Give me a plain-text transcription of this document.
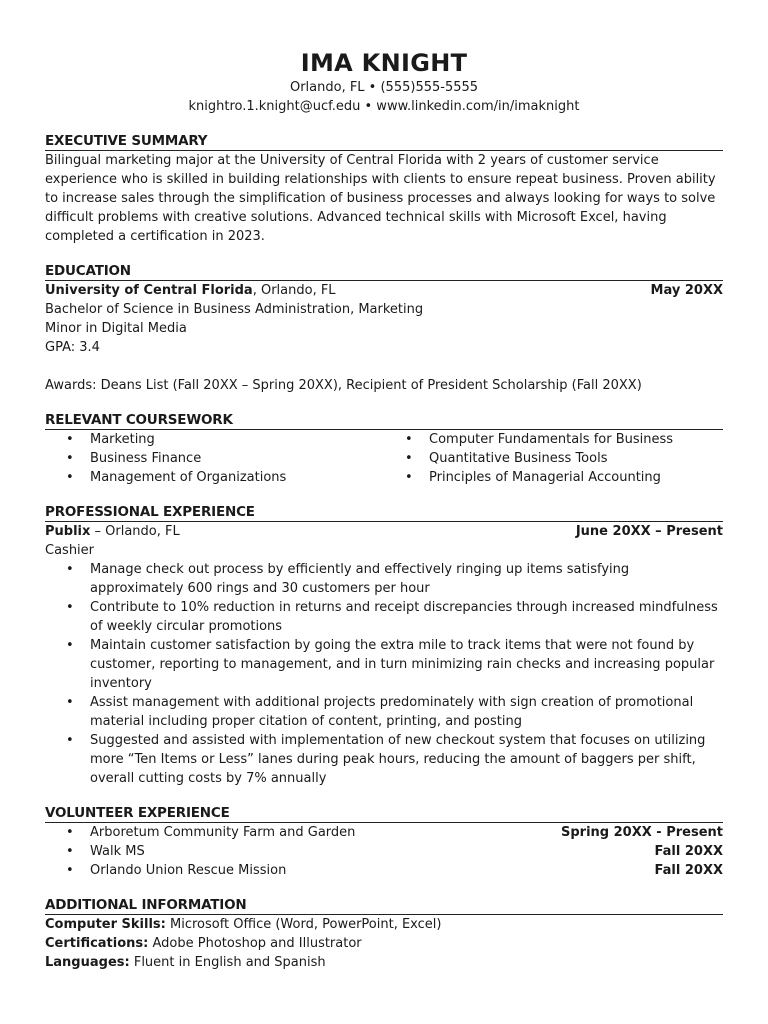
IMA KNIGHT
Orlando, FL • (555)555-5555
knightro.1.knight@ucf.edu • www.linkedin.com/in/imaknight
EXECUTIVE SUMMARY

Bilingual marketing major at the University of Central Florida with 2 years of customer service experience who is skilled in building relationships with clients to ensure repeat business. Proven ability to increase sales through the simplification of business processes and always looking for ways to solve difficult problems with creative solutions. Advanced technical skills with Microsoft Excel, having completed a certification in 2023.

EDUCATION
University of Central Florida, Orlando, FL	May 20XX
Bachelor of Science in Business Administration, Marketing
Minor in Digital Media
GPA: 3.4
Awards: Deans List (Fall 20XX – Spring 20XX), Recipient of President Scholarship (Fall 20XX)
RELEVANT COURSEWORK
• Marketing
• Business Finance
• Management of Organizations
• Computer Fundamentals for Business
• Quantitative Business Tools
• Principles of Managerial Accounting
PROFESSIONAL EXPERIENCE
Publix – Orlando, FL	June 20XX – Present
Cashier
• Manage check out process by efficiently and effectively ringing up items satisfying approximately 600 rings and 30 customers per hour
• Contribute to 10% reduction in returns and receipt discrepancies through increased mindfulness of weekly circular promotions
• Maintain customer satisfaction by going the extra mile to track items that were not found by customer, reporting to management, and in turn minimizing rain checks and increasing popular inventory
• Assist management with additional projects predominately with sign creation of promotional material including proper citation of content, printing, and posting
• Suggested and assisted with implementation of new checkout system that focuses on utilizing more “Ten Items or Less” lanes during peak hours, reducing the amount of baggers per shift, overall cutting costs by 7% annually
VOLUNTEER EXPERIENCE
• Arboretum Community Farm and Garden	Spring 20XX - Present
• Walk MS	Fall 20XX
• Orlando Union Rescue Mission	Fall 20XX
ADDITIONAL INFORMATION
Computer Skills: Microsoft Office (Word, PowerPoint, Excel)
Certifications: Adobe Photoshop and Illustrator
Languages: Fluent in English and Spanish
